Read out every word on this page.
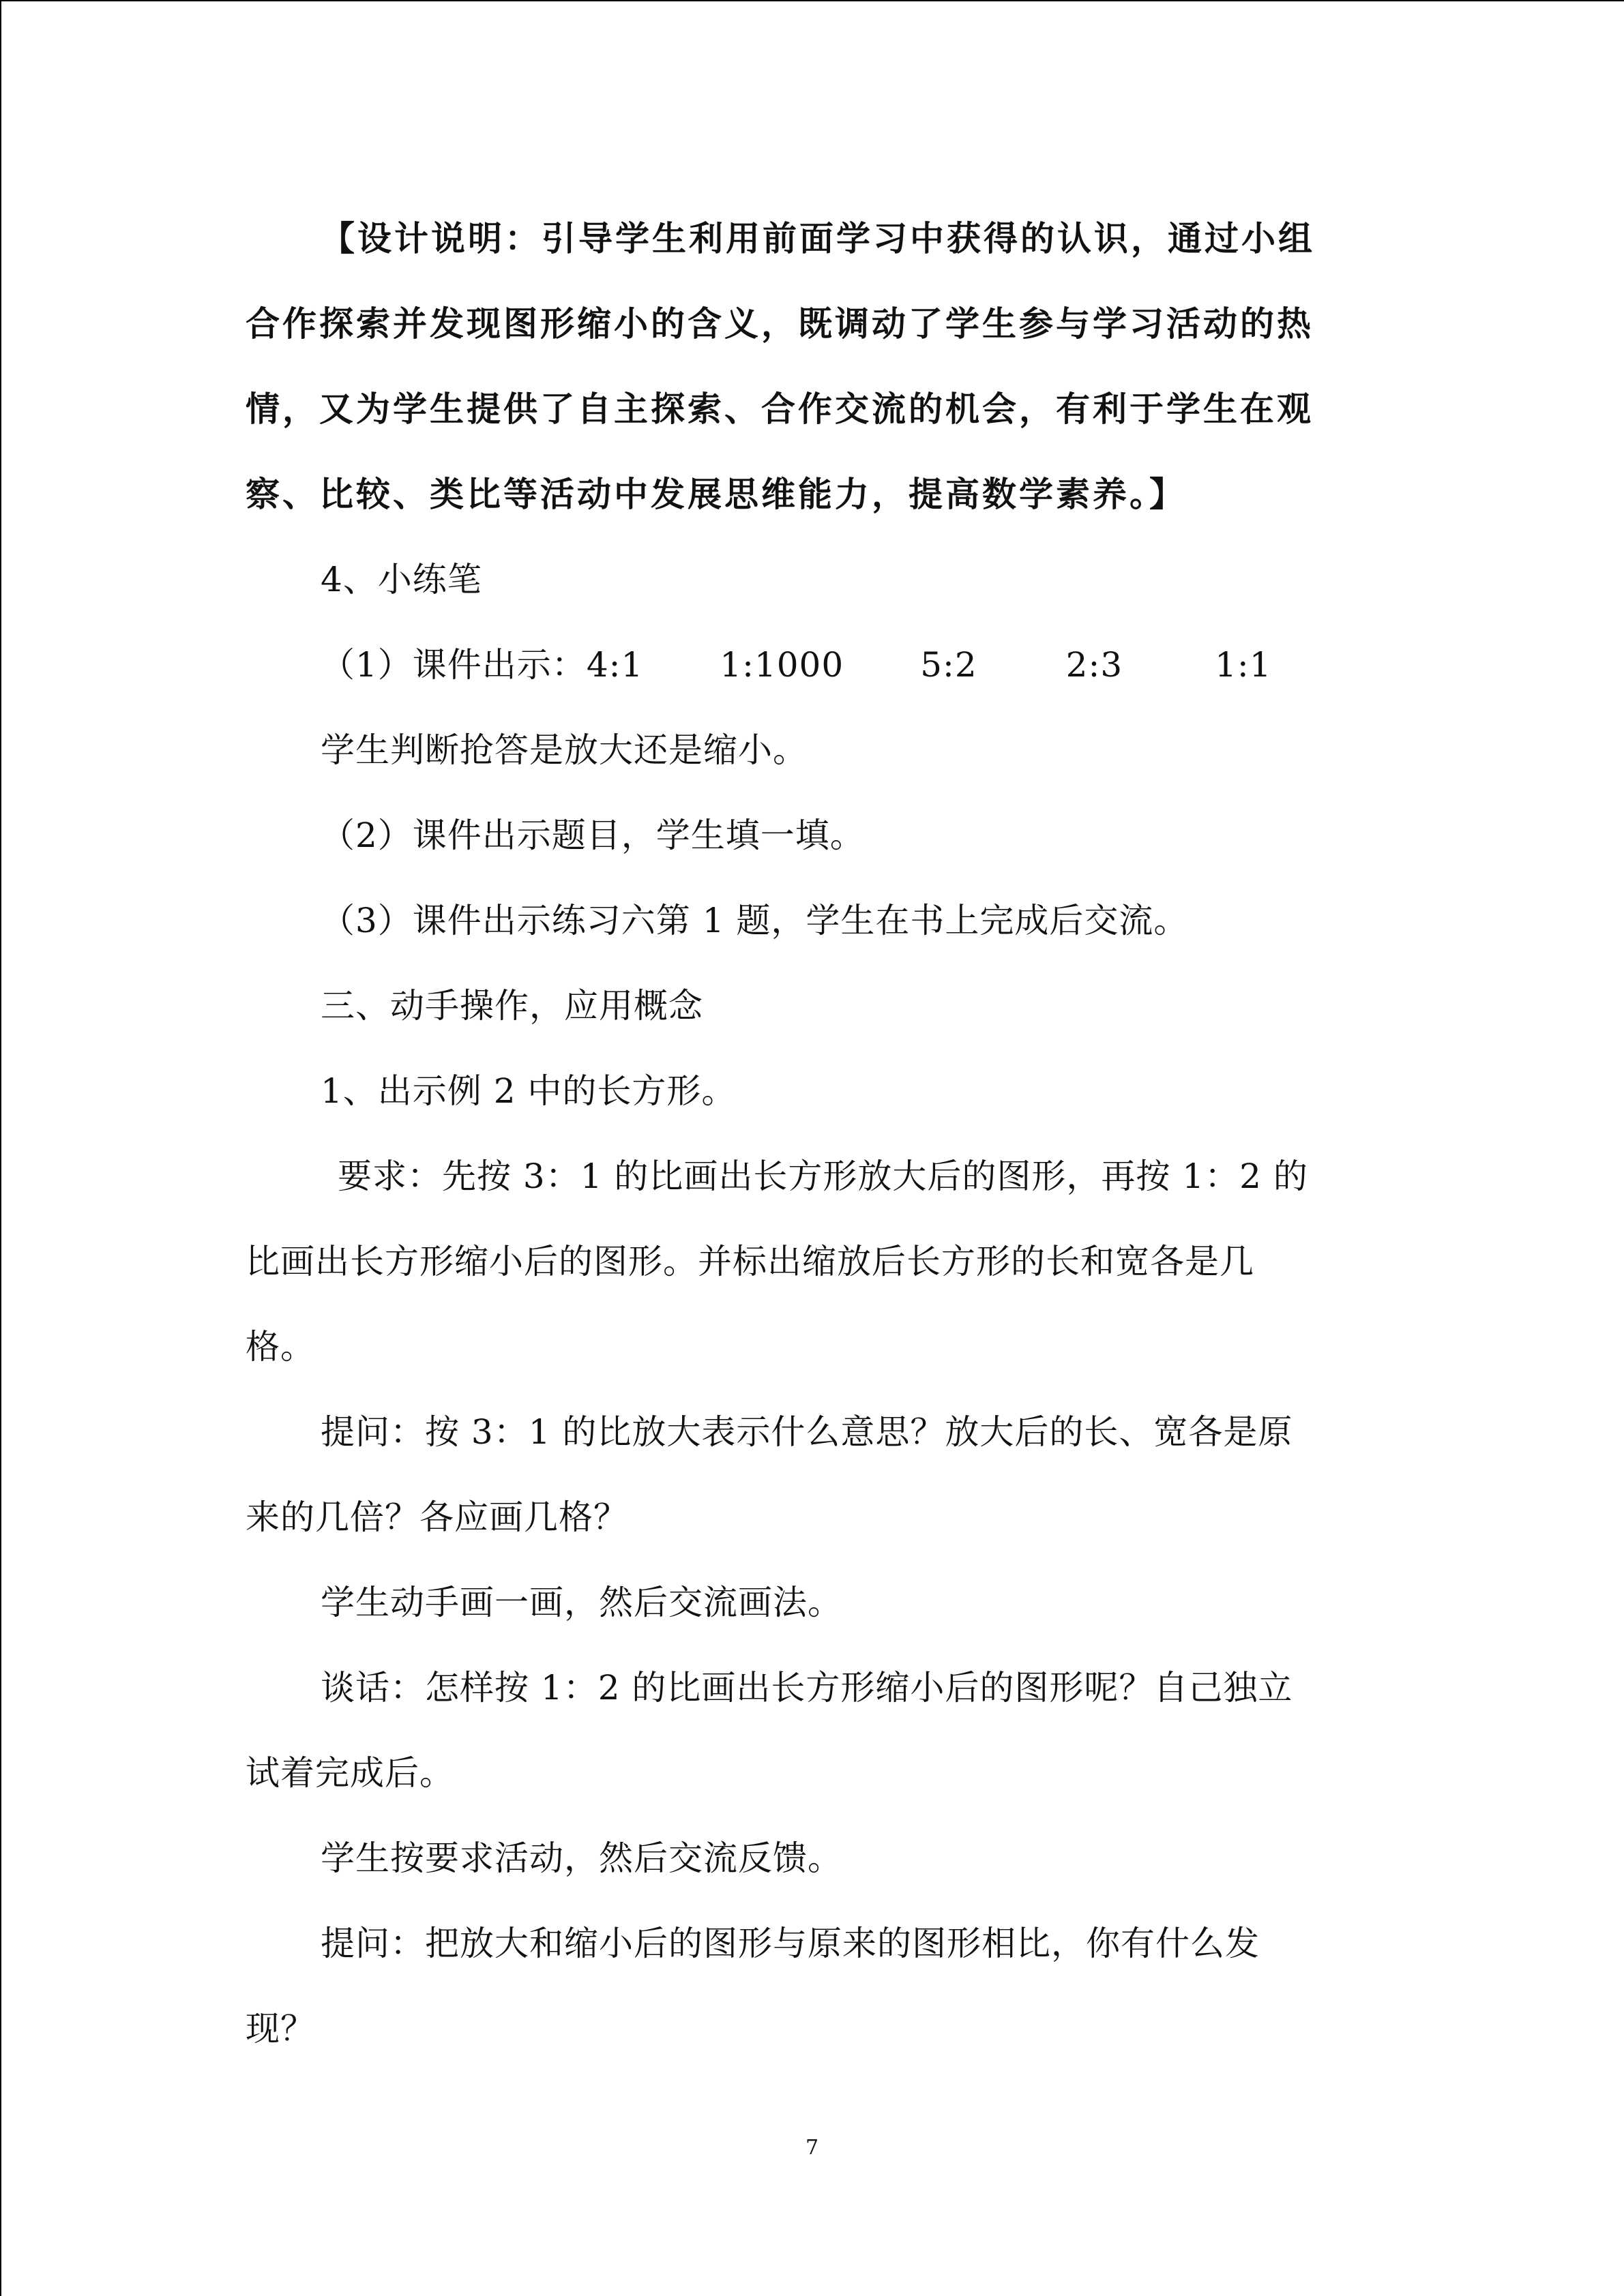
【设计说明：引导学生利用前面学习中获得的认识，通过小组
合作探索并发现图形缩小的含义，既调动了学生参与学习活动的热
情，又为学生提供了自主探索、合作交流的机会，有利于学生在观
察、比较、类比等活动中发展思维能力，提高数学素养。】
4、小练笔
（1）课件出示：4:1 1:1000 5:2	2:3	1:1
学生判断抢答是放大还是缩小。
（2）课件出示题目，学生填一填。
（3）课件出示练习六第 1 题，学生在书上完成后交流。
三、动手操作，应用概念
1、出示例 2 中的长方形。
要求：先按 3：1 的比画出长方形放大后的图形，再按 1：2 的
比画出长方形缩小后的图形。并标出缩放后长方形的长和宽各是几
格。
提问：按 3：1 的比放大表示什么意思？放大后的长、宽各是原
来的几倍？各应画几格？
学生动手画一画，然后交流画法。
谈话：怎样按 1：2 的比画出长方形缩小后的图形呢？自己独立
试着完成后。
学生按要求活动，然后交流反馈。
提问：把放大和缩小后的图形与原来的图形相比，你有什么发
现？
7
